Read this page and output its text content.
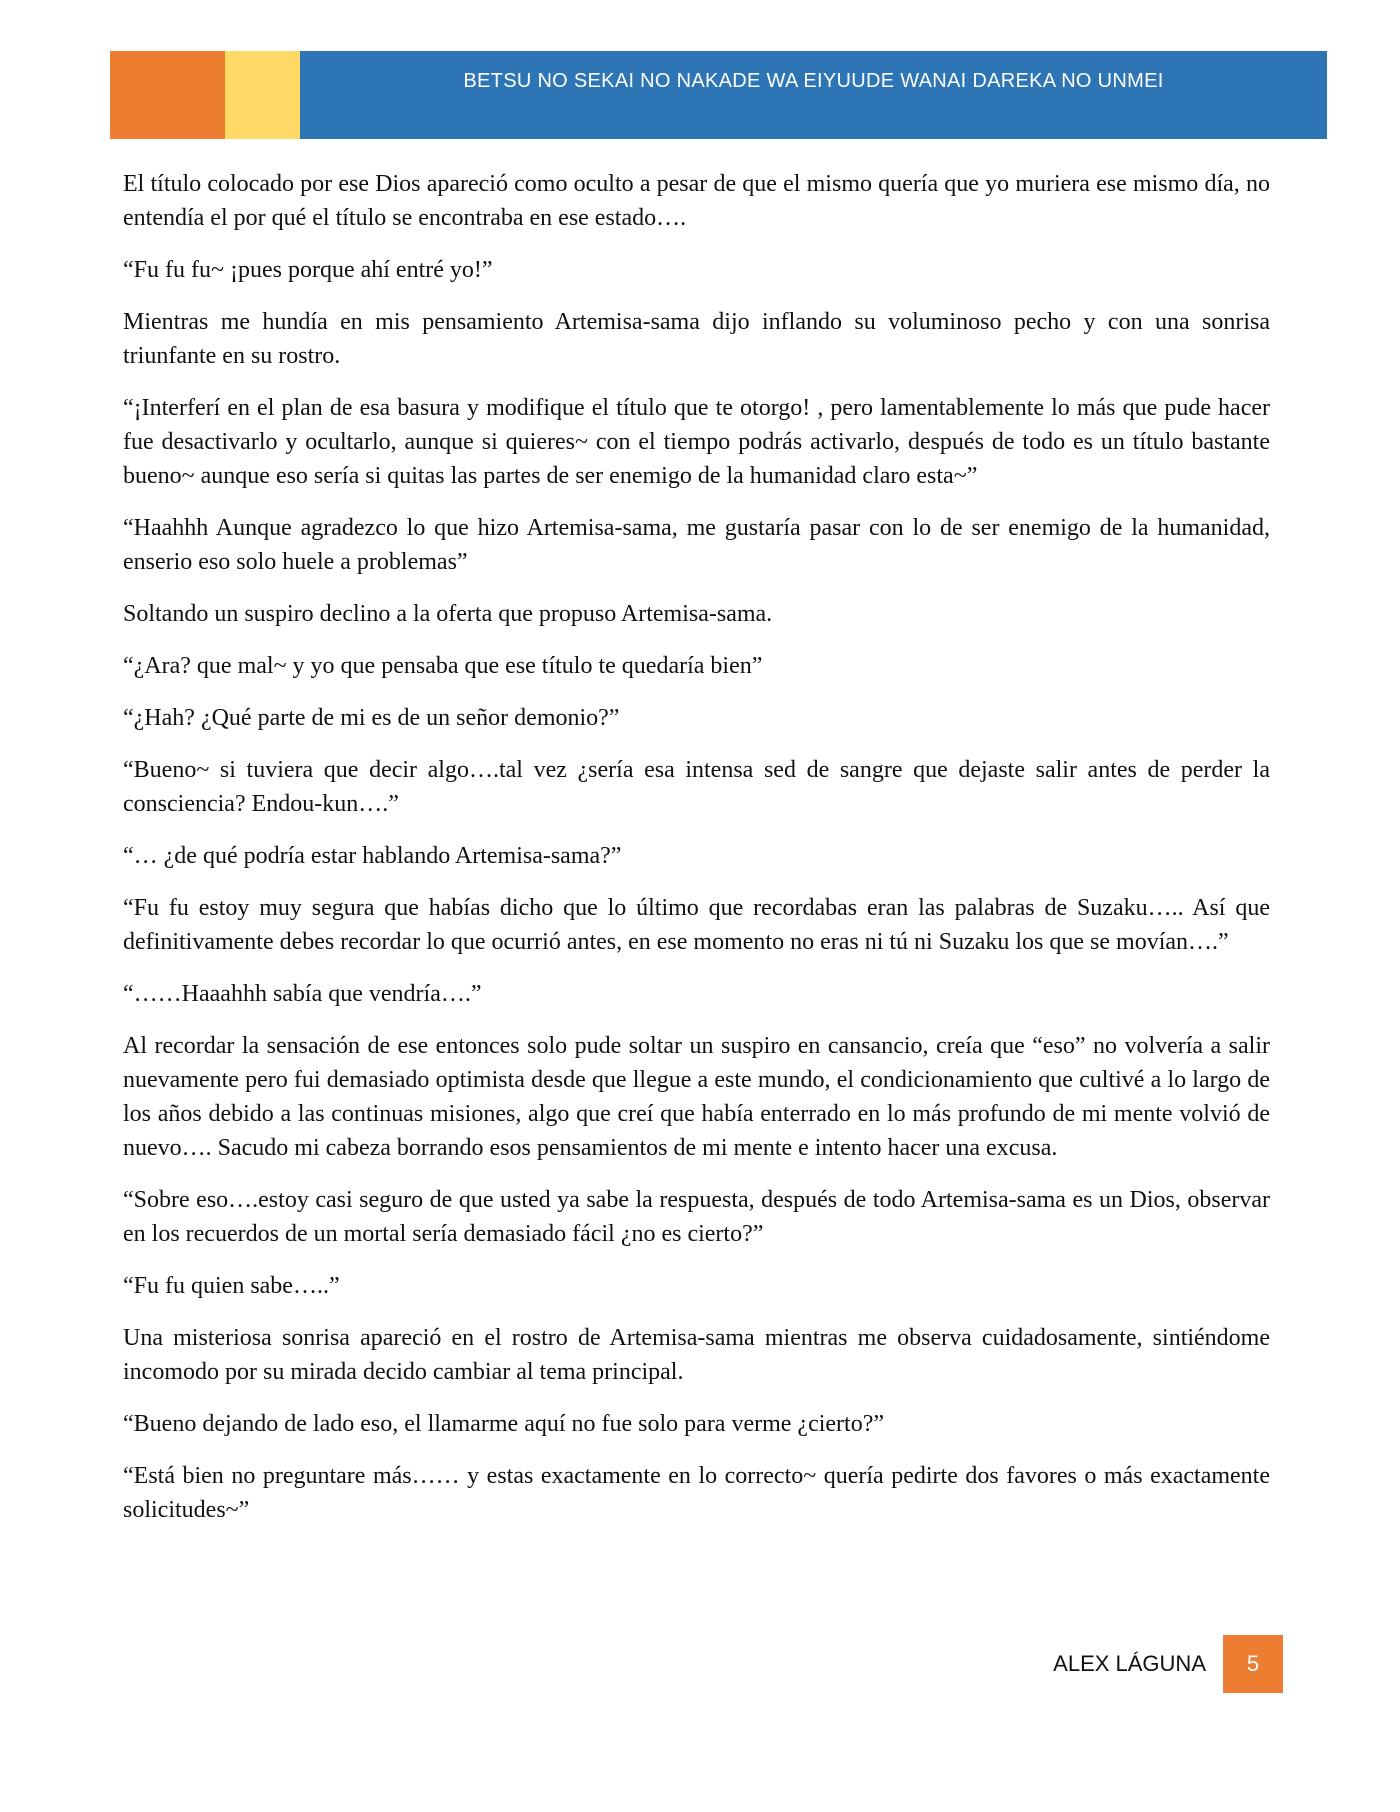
BETSU NO SEKAI NO NAKADE WA EIYUUDE WANAI DAREKA NO UNMEI

El título colocado por ese Dios apareció como oculto a pesar de que el mismo quería que yo muriera ese mismo día, no entendía el por qué el título se encontraba en ese estado….

“Fu fu fu~ ¡pues porque ahí entré yo!”

Mientras me hundía en mis pensamiento Artemisa-sama dijo inflando su voluminoso pecho y con una sonrisa triunfante en su rostro.

“¡Interferí en el plan de esa basura y modifique el título que te otorgo! , pero lamentablemente lo más que pude hacer fue desactivarlo y ocultarlo, aunque si quieres~ con el tiempo podrás activarlo, después de todo es un título bastante bueno~ aunque eso sería si quitas las partes de ser enemigo de la humanidad claro esta~”

“Haahhh Aunque agradezco lo que hizo Artemisa-sama, me gustaría pasar con lo de ser enemigo de la humanidad, enserio eso solo huele a problemas”

Soltando un suspiro declino a la oferta que propuso Artemisa-sama.

“¿Ara? que mal~ y yo que pensaba que ese título te quedaría bien”

“¿Hah? ¿Qué parte de mi es de un señor demonio?”

“Bueno~ si tuviera que decir algo….tal vez ¿sería esa intensa sed de sangre que dejaste salir antes de perder la consciencia? Endou-kun….”

“… ¿de qué podría estar hablando Artemisa-sama?”

“Fu fu estoy muy segura que habías dicho que lo último que recordabas eran las palabras de Suzaku….. Así que definitivamente debes recordar lo que ocurrió antes, en ese momento no eras ni tú ni Suzaku los que se movían….”

“……Haaahhh sabía que vendría….”

Al recordar la sensación de ese entonces solo pude soltar un suspiro en cansancio, creía que “eso” no volvería a salir nuevamente pero fui demasiado optimista desde que llegue a este mundo, el condicionamiento que cultivé a lo largo de los años debido a las continuas misiones, algo que creí que había enterrado en lo más profundo de mi mente volvió de nuevo…. Sacudo mi cabeza borrando esos pensamientos de mi mente e intento hacer una excusa.

“Sobre eso….estoy casi seguro de que usted ya sabe la respuesta, después de todo Artemisa-sama es un Dios, observar en los recuerdos de un mortal sería demasiado fácil ¿no es cierto?”

“Fu fu quien sabe…..”

Una misteriosa sonrisa apareció en el rostro de Artemisa-sama mientras me observa cuidadosamente, sintiéndome incomodo por su mirada decido cambiar al tema principal.

“Bueno dejando de lado eso, el llamarme aquí no fue solo para verme ¿cierto?”

“Está bien no preguntare más…… y estas exactamente en lo correcto~ quería pedirte dos favores o más exactamente solicitudes~”

ALEX LÁGUNA	5
